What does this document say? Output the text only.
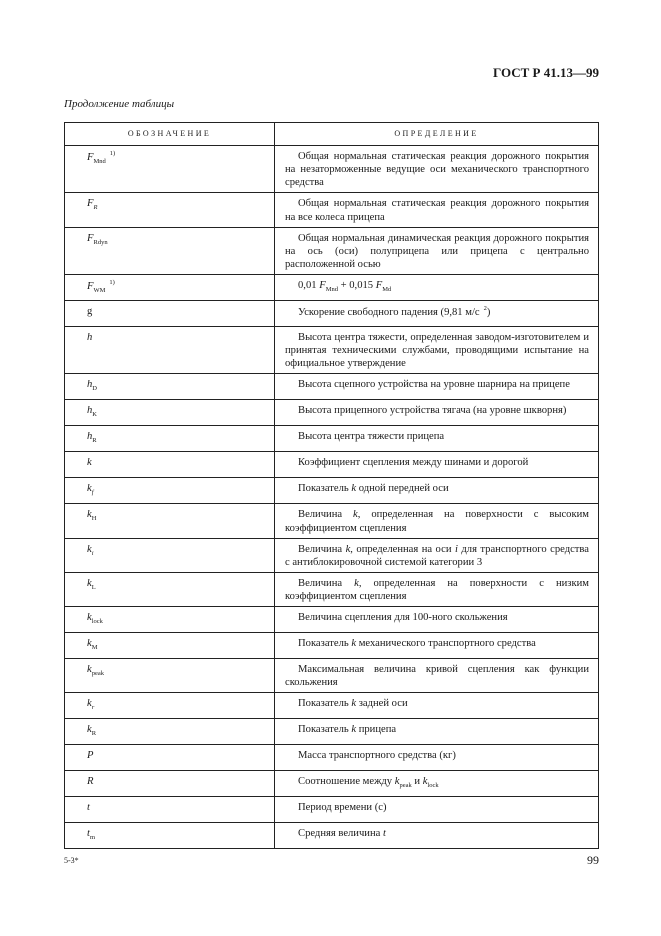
ГОСТ Р 41.13—99
Продолжение таблицы
ОБОЗНАЧЕНИЕ	ОПРЕДЕЛЕНИЕ
$F_{Mnd}^{1)}$	Общая нормальная статическая реакция дорожного покрытия на незаторможенные ведущие оси механического транспортного средства

$F_R$	Общая нормальная статическая реакция дорожного покрытия на все колеса прицепа

$F_{Rdyn}$	Общая нормальная динамическая реакция дорожного покрытия на ось (оси) полуприцепа или прицепа с центрально расположенной осью

$F_{WM}^{1)}$	0,01 $F_{Mnd} + 0,015$ $F_{Md}$

g	Ускорение свободного падения (9,81 м/с $^2$)

h	Высота центра тяжести, определенная заводом-изготовителем и принятая техническими службами, проводящими испытание на официальное утверждение

$h_D$	Высота сцепного устройства на уровне шарнира на прицепе

$h_K$	Высота прицепного устройства тягача (на уровне шкворня)

$h_R$	Высота центра тяжести прицепа

k	Коэффициент сцепления между шинами и дорогой

$k_f$	Показатель k одной передней оси

$k_H$	Величина k, определенная на поверхности с высоким коэффициентом сцепления

$k_i$	Величина k, определенная на оси i для транспортного средства с антиблокировочной системой категории 3

$k_L$	Величина k, определенная на поверхности с низким коэффициентом сцепления

$k_{lock}$	Величина сцепления для 100-ного скольжения

$k_M$	Показатель k механического транспортного средства

$k_{peak}$	Максимальная величина кривой сцепления как функции скольжения

$k_r$	Показатель k задней оси

$k_R$	Показатель k прицепа

P	Масса транспортного средства (кг)

R	Соотношение между $k_{peak}$ и $k_{lock}$

t	Период времени (с)

$t_m$	Средняя величина t
5-3*	99
